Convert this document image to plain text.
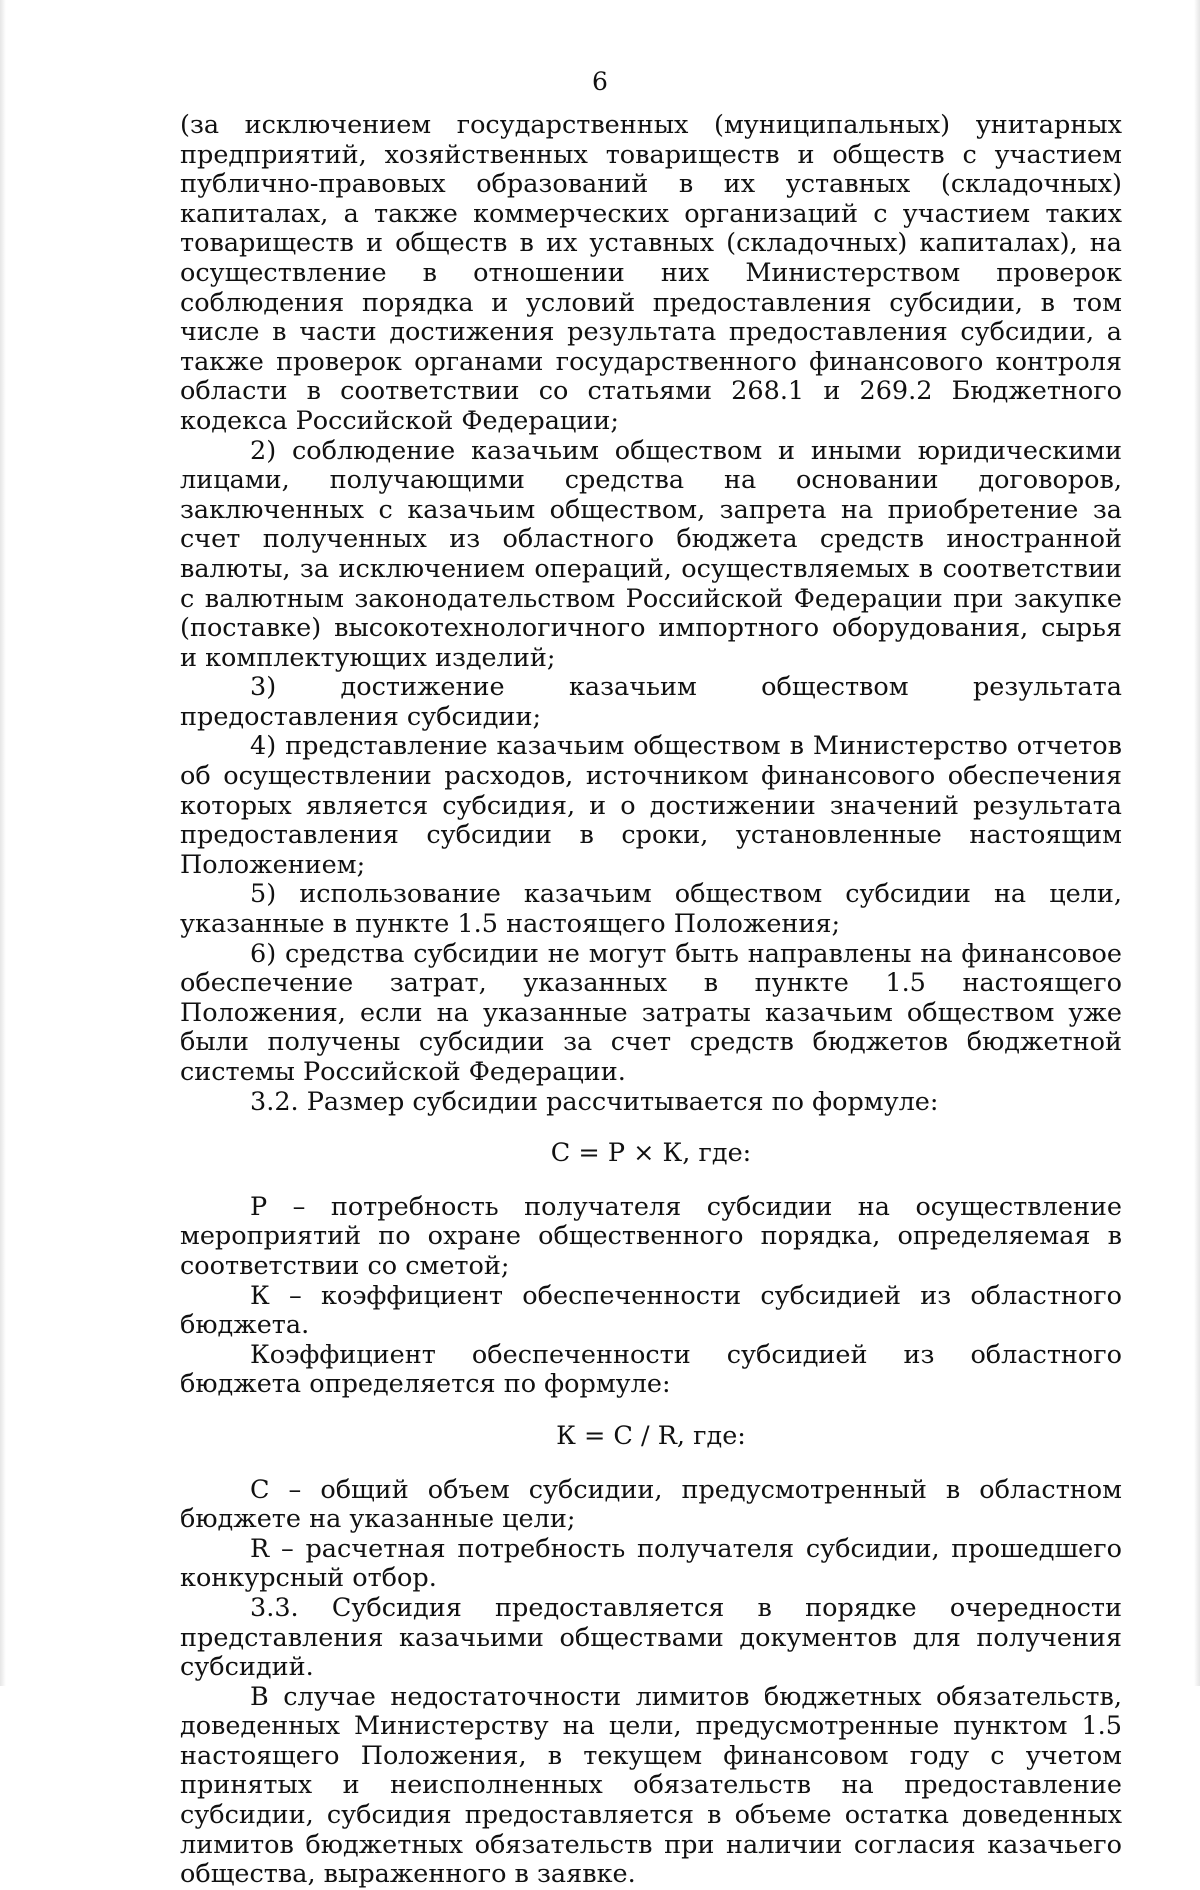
6

(за исключением государственных (муниципальных) унитарных предприятий, хозяйственных товариществ и обществ с участием публично-правовых образований в их уставных (складочных) капиталах, а также коммерческих организаций с участием таких товариществ и обществ в их уставных (складочных) капиталах), на осуществление в отношении них Министерством проверок соблюдения порядка и условий предоставления субсидии, в том числе в части достижения результата предоставления субсидии, а также проверок органами государственного финансового контроля области в соответствии со статьями 268.1 и 269.2 Бюджетного кодекса Российской Федерации;

2) соблюдение казачьим обществом и иными юридическими лицами, получающими средства на основании договоров, заключенных с казачьим обществом, запрета на приобретение за счет полученных из областного бюджета средств иностранной валюты, за исключением операций, осуществляемых в соответствии с валютным законодательством Российской Федерации при закупке (поставке) высокотехнологичного импортного оборудования, сырья и комплектующих изделий;

3) достижение казачьим обществом результата предоставления субсидии;

4) представление казачьим обществом в Министерство отчетов об осуществлении расходов, источником финансового обеспечения которых является субсидия, и о достижении значений результата предоставления субсидии в сроки, установленные настоящим Положением;

5) использование казачьим обществом субсидии на цели, указанные в пункте 1.5 настоящего Положения;

6) средства субсидии не могут быть направлены на финансовое обеспечение затрат, указанных в пункте 1.5 настоящего Положения, если на указанные затраты казачьим обществом уже были получены субсидии за счет средств бюджетов бюджетной системы Российской Федерации.

3.2. Размер субсидии рассчитывается по формуле:

С = Р × К, где:

Р – потребность получателя субсидии на осуществление мероприятий по охране общественного порядка, определяемая в соответствии со сметой;

К – коэффициент обеспеченности субсидией из областного бюджета.

Коэффициент обеспеченности субсидией из областного бюджета определяется по формуле:

К = С / R, где:

С – общий объем субсидии, предусмотренный в областном бюджете на указанные цели;

R – расчетная потребность получателя субсидии, прошедшего конкурсный отбор.

3.3. Субсидия предоставляется в порядке очередности представления казачьими обществами документов для получения субсидий.

В случае недостаточности лимитов бюджетных обязательств, доведенных Министерству на цели, предусмотренные пунктом 1.5 настоящего Положения, в текущем финансовом году с учетом принятых и неисполненных обязательств на предоставление субсидии, субсидия предоставляется в объеме остатка доведенных лимитов бюджетных обязательств при наличии согласия казачьего общества, выраженного в заявке.
